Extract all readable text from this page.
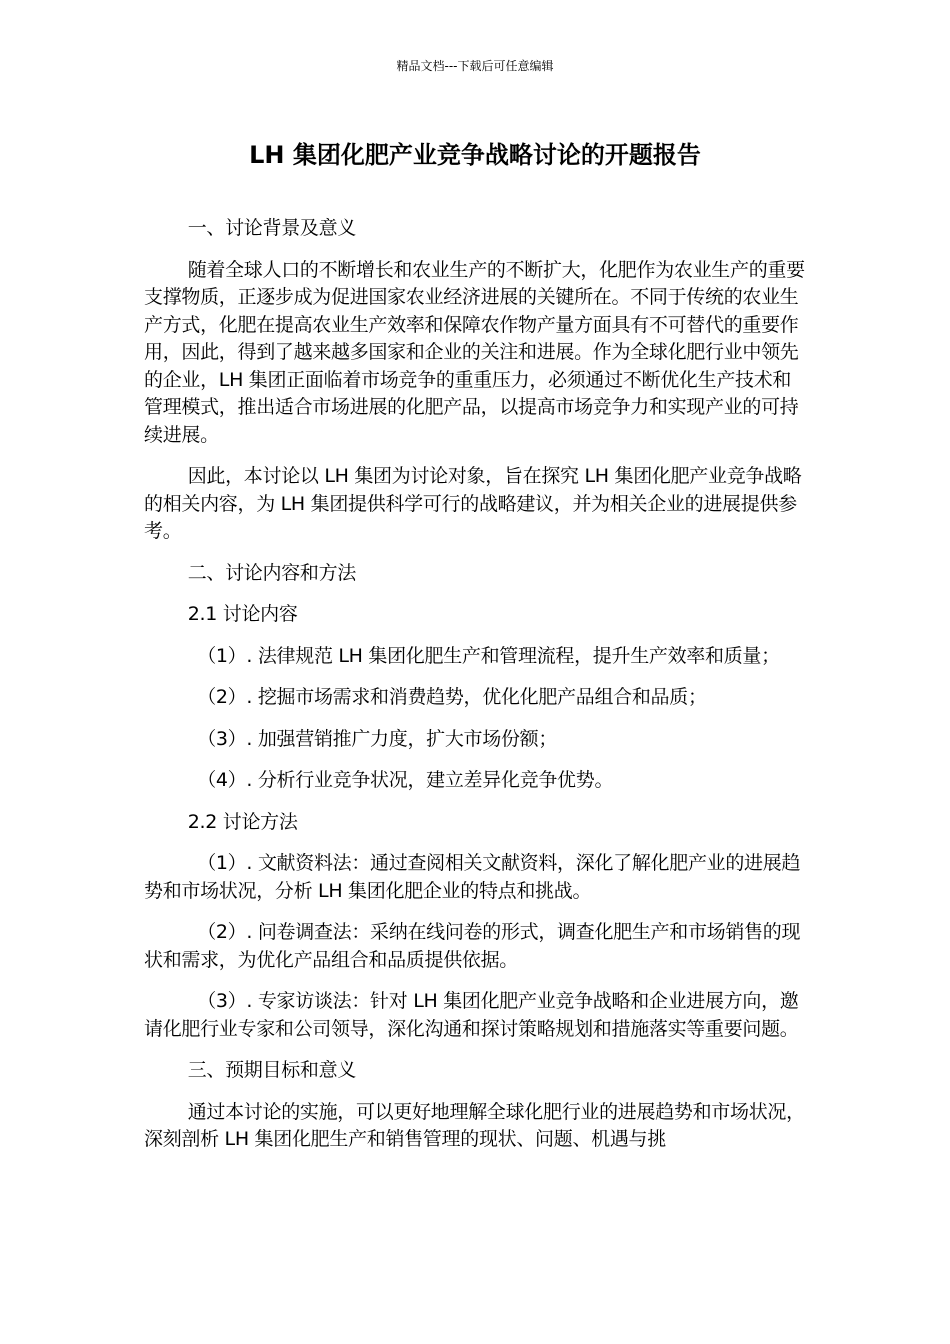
精品文档---下载后可任意编辑
LH 集团化肥产业竞争战略讨论的开题报告

一、讨论背景及意义

随着全球人口的不断增长和农业生产的不断扩大，化肥作为农业生产的重要支撑物质，正逐步成为促进国家农业经济进展的关键所在。不同于传统的农业生产方式，化肥在提高农业生产效率和保障农作物产量方面具有不可替代的重要作用，因此，得到了越来越多国家和企业的关注和进展。作为全球化肥行业中领先的企业，LH 集团正面临着市场竞争的重重压力，必须通过不断优化生产技术和管理模式，推出适合市场进展的化肥产品，以提高市场竞争力和实现产业的可持续进展。

因此，本讨论以 LH 集团为讨论对象，旨在探究 LH 集团化肥产业竞争战略的相关内容，为 LH 集团提供科学可行的战略建议，并为相关企业的进展提供参考。

二、讨论内容和方法

2.1 讨论内容

（1）. 法律规范 LH 集团化肥生产和管理流程，提升生产效率和质量；

（2）. 挖掘市场需求和消费趋势，优化化肥产品组合和品质；

（3）. 加强营销推广力度，扩大市场份额；

（4）. 分析行业竞争状况，建立差异化竞争优势。

2.2 讨论方法

（1）. 文献资料法：通过查阅相关文献资料，深化了解化肥产业的进展趋势和市场状况，分析 LH 集团化肥企业的特点和挑战。

（2）. 问卷调查法：采纳在线问卷的形式，调查化肥生产和市场销售的现状和需求，为优化产品组合和品质提供依据。

（3）. 专家访谈法：针对 LH 集团化肥产业竞争战略和企业进展方向，邀请化肥行业专家和公司领导，深化沟通和探讨策略规划和措施落实等重要问题。

三、预期目标和意义

通过本讨论的实施，可以更好地理解全球化肥行业的进展趋势和市场状况，深刻剖析 LH 集团化肥生产和销售管理的现状、问题、机遇与挑
